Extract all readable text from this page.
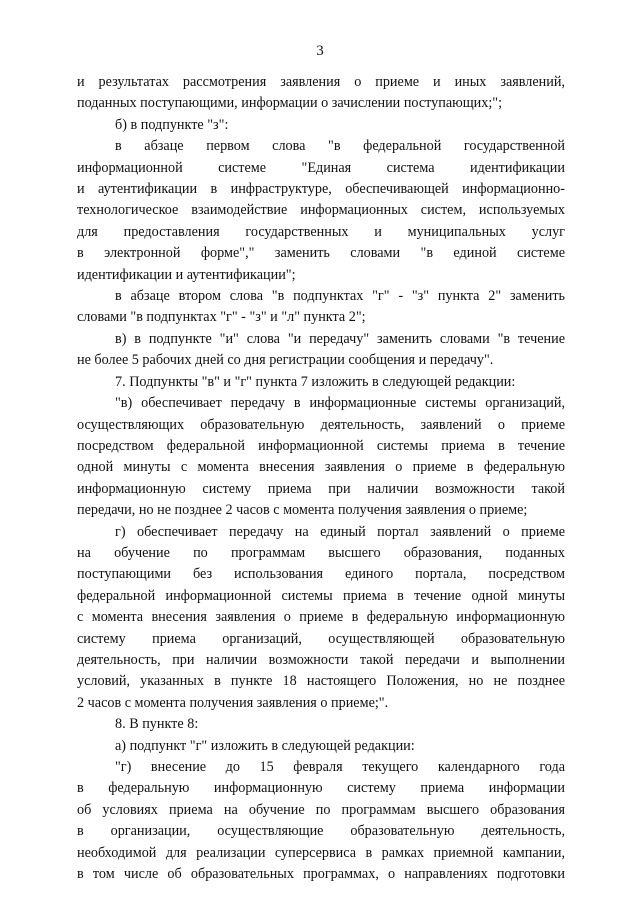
3
и результатах рассмотрения заявления о приеме и иных заявлений,
поданных поступающими, информации о зачислении поступающих;";
б) в подпункте "з":
в абзаце первом слова "в федеральной государственной
информационной системе "Единая система идентификации
и аутентификации в инфраструктуре, обеспечивающей информационно-
технологическое взаимодействие информационных систем, используемых
для предоставления государственных и муниципальных услуг
в электронной форме"," заменить словами "в единой системе
идентификации и аутентификации";
в абзаце втором слова "в подпунктах "г" - "з" пункта 2" заменить
словами "в подпунктах "г" - "з" и "л" пункта 2";
в) в подпункте "и" слова "и передачу" заменить словами "в течение
не более 5 рабочих дней со дня регистрации сообщения и передачу".
7. Подпункты "в" и "г" пункта 7 изложить в следующей редакции:
"в) обеспечивает передачу в информационные системы организаций,
осуществляющих образовательную деятельность, заявлений о приеме
посредством федеральной информационной системы приема в течение
одной минуты с момента внесения заявления о приеме в федеральную
информационную систему приема при наличии возможности такой
передачи, но не позднее 2 часов с момента получения заявления о приеме;
г) обеспечивает передачу на единый портал заявлений о приеме
на обучение по программам высшего образования, поданных
поступающими без использования единого портала, посредством
федеральной информационной системы приема в течение одной минуты
с момента внесения заявления о приеме в федеральную информационную
систему приема организаций, осуществляющей образовательную
деятельность, при наличии возможности такой передачи и выполнении
условий, указанных в пункте 18 настоящего Положения, но не позднее
2 часов с момента получения заявления о приеме;".
8. В пункте 8:
а) подпункт "г" изложить в следующей редакции:
"г) внесение до 15 февраля текущего календарного года
в федеральную информационную систему приема информации
об условиях приема на обучение по программам высшего образования
в организации, осуществляющие образовательную деятельность,
необходимой для реализации суперсервиса в рамках приемной кампании,
в том числе об образовательных программах, о направлениях подготовки
